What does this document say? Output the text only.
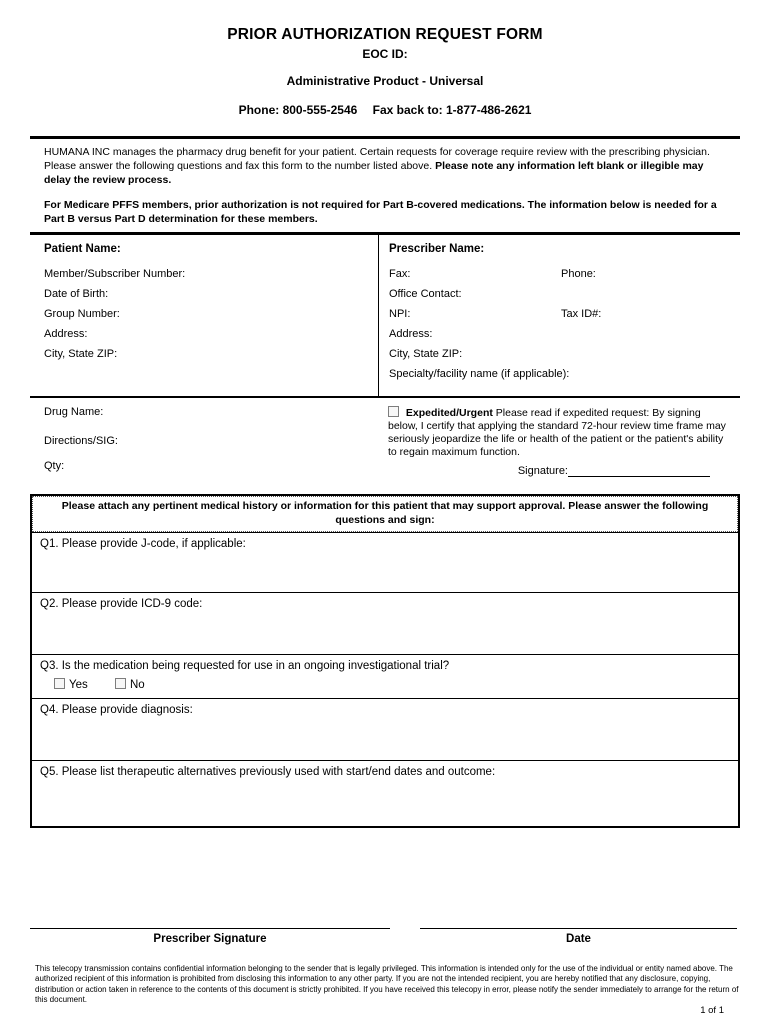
PRIOR AUTHORIZATION REQUEST FORM
EOC ID:
Administrative Product - Universal
Phone: 800-555-2546 Fax back to: 1-877-486-2621
HUMANA INC manages the pharmacy drug benefit for your patient. Certain requests for coverage require review with the prescribing physician. Please answer the following questions and fax this form to the number listed above. Please note any information left blank or illegible may delay the review process.
For Medicare PFFS members, prior authorization is not required for Part B-covered medications. The information below is needed for a Part B versus Part D determination for these members.
Patient Name:
Member/Subscriber Number:
Date of Birth:
Group Number:
Address:
City, State ZIP:
Prescriber Name:
Fax:	Phone:
Office Contact:
NPI:	Tax ID#:
Address:
City, State ZIP:
Specialty/facility name (if applicable):
Drug Name:
Directions/SIG:
Qty:
Expedited/Urgent Please read if expedited request: By signing below, I certify that applying the standard 72-hour review time frame may seriously jeopardize the life or health of the patient or the patient's ability to regain maximum function.
Signature:
Please attach any pertinent medical history or information for this patient that may support approval. Please answer the following questions and sign:
Q1. Please provide J-code, if applicable:
Q2. Please provide ICD-9 code:
Q3. Is the medication being requested for use in an ongoing investigational trial?
Yes	No
Q4. Please provide diagnosis:
Q5. Please list therapeutic alternatives previously used with start/end dates and outcome:
Prescriber Signature	Date
This telecopy transmission contains confidential information belonging to the sender that is legally privileged. This information is intended only for the use of the individual or entity named above. The authorized recipient of this information is prohibited from disclosing this information to any other party. If you are not the intended recipient, you are hereby notified that any disclosure, copying, distribution or action taken in reference to the contents of this document is strictly prohibited. If you have received this telecopy in error, please notify the sender immediately to arrange for the return of this document.
1 of 1
